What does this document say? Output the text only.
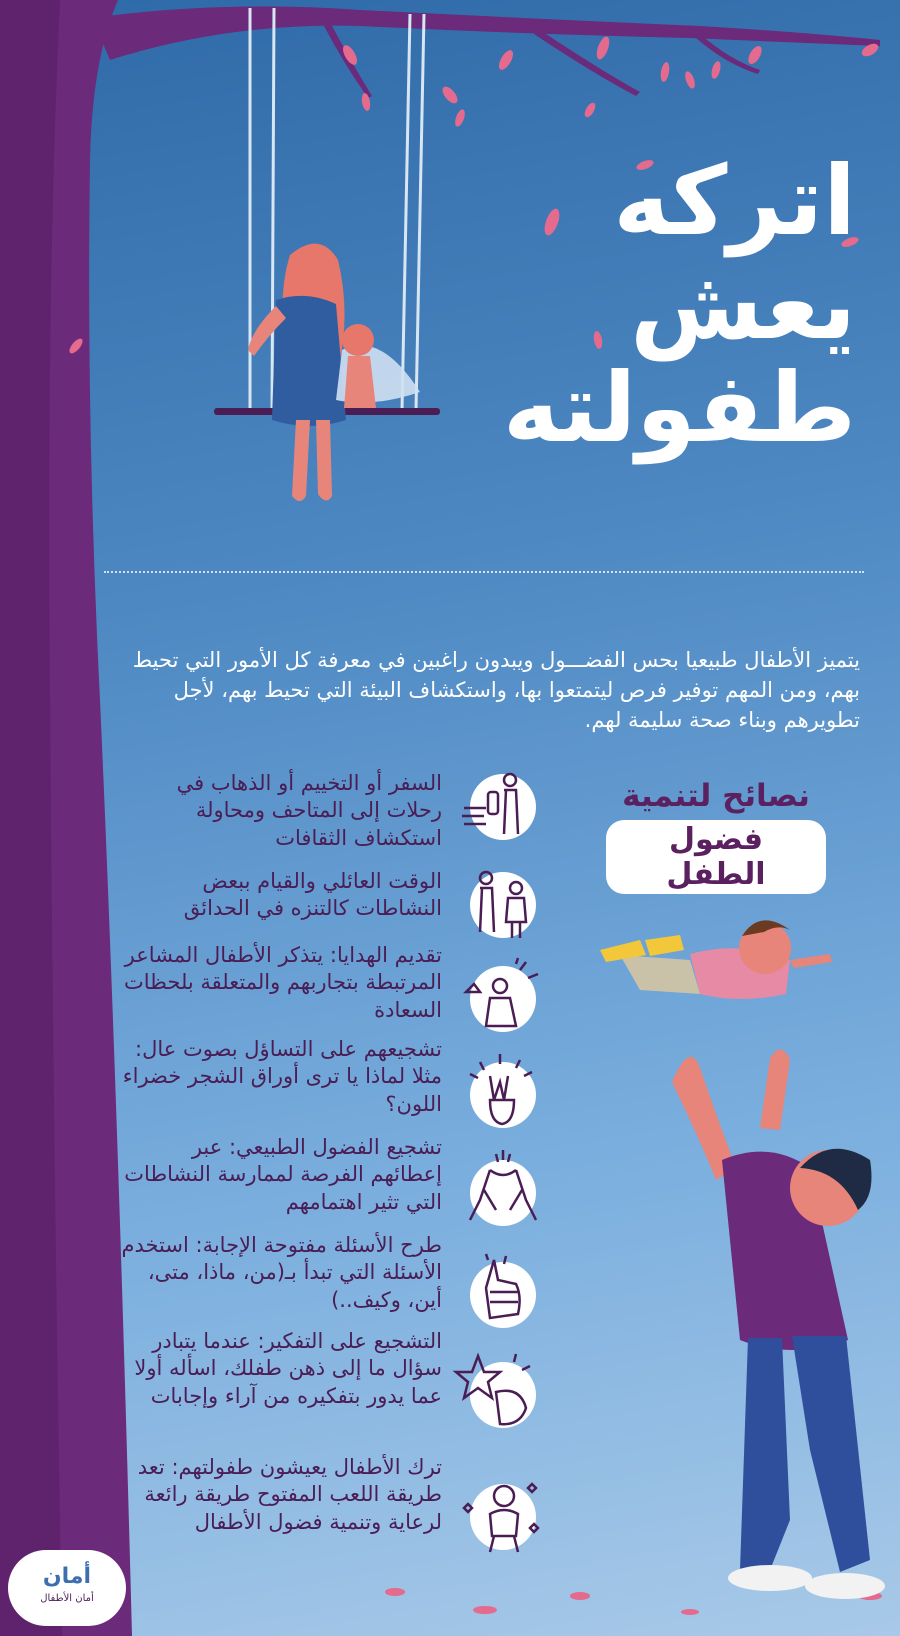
اتركه
يعش
طفولته

يتميز الأطفال طبيعيا بحس الفضـــول ويبدون راغبين في معرفة كل الأمور التي تحيط بهم، ومن المهم توفير فرص ليتمتعوا بها، واستكشاف البيئة التي تحيط بهم، لأجل تطويرهم وبناء صحة سليمة لهم.

نصائح لتنمية
فضول الطفل
السفر أو التخييم أو الذهاب في رحلات إلى المتاحف ومحاولة استكشاف الثقافات
الوقت العائلي والقيام ببعض النشاطات كالتنزه في الحدائق
تقديم الهدايا: يتذكر الأطفال المشاعر المرتبطة بتجاربهم والمتعلقة بلحظات السعادة
تشجيعهم على التساؤل بصوت عال: مثلا لماذا يا ترى أوراق الشجر خضراء اللون؟
تشجيع الفضول الطبيعي: عبر إعطائهم الفرصة لممارسة النشاطات التي تثير اهتمامهم
طرح الأسئلة مفتوحة الإجابة: استخدم الأسئلة التي تبدأ بـ(من، ماذا، متى، أين، وكيف..)
التشجيع على التفكير: عندما يتبادر سؤال ما إلى ذهن طفلك، اسأله أولا عما يدور بتفكيره من آراء وإجابات
ترك الأطفال يعيشون طفولتهم: تعد طريقة اللعب المفتوح طريقة رائعة لرعاية وتنمية فضول الأطفال
أمان
أمان الأطفال
